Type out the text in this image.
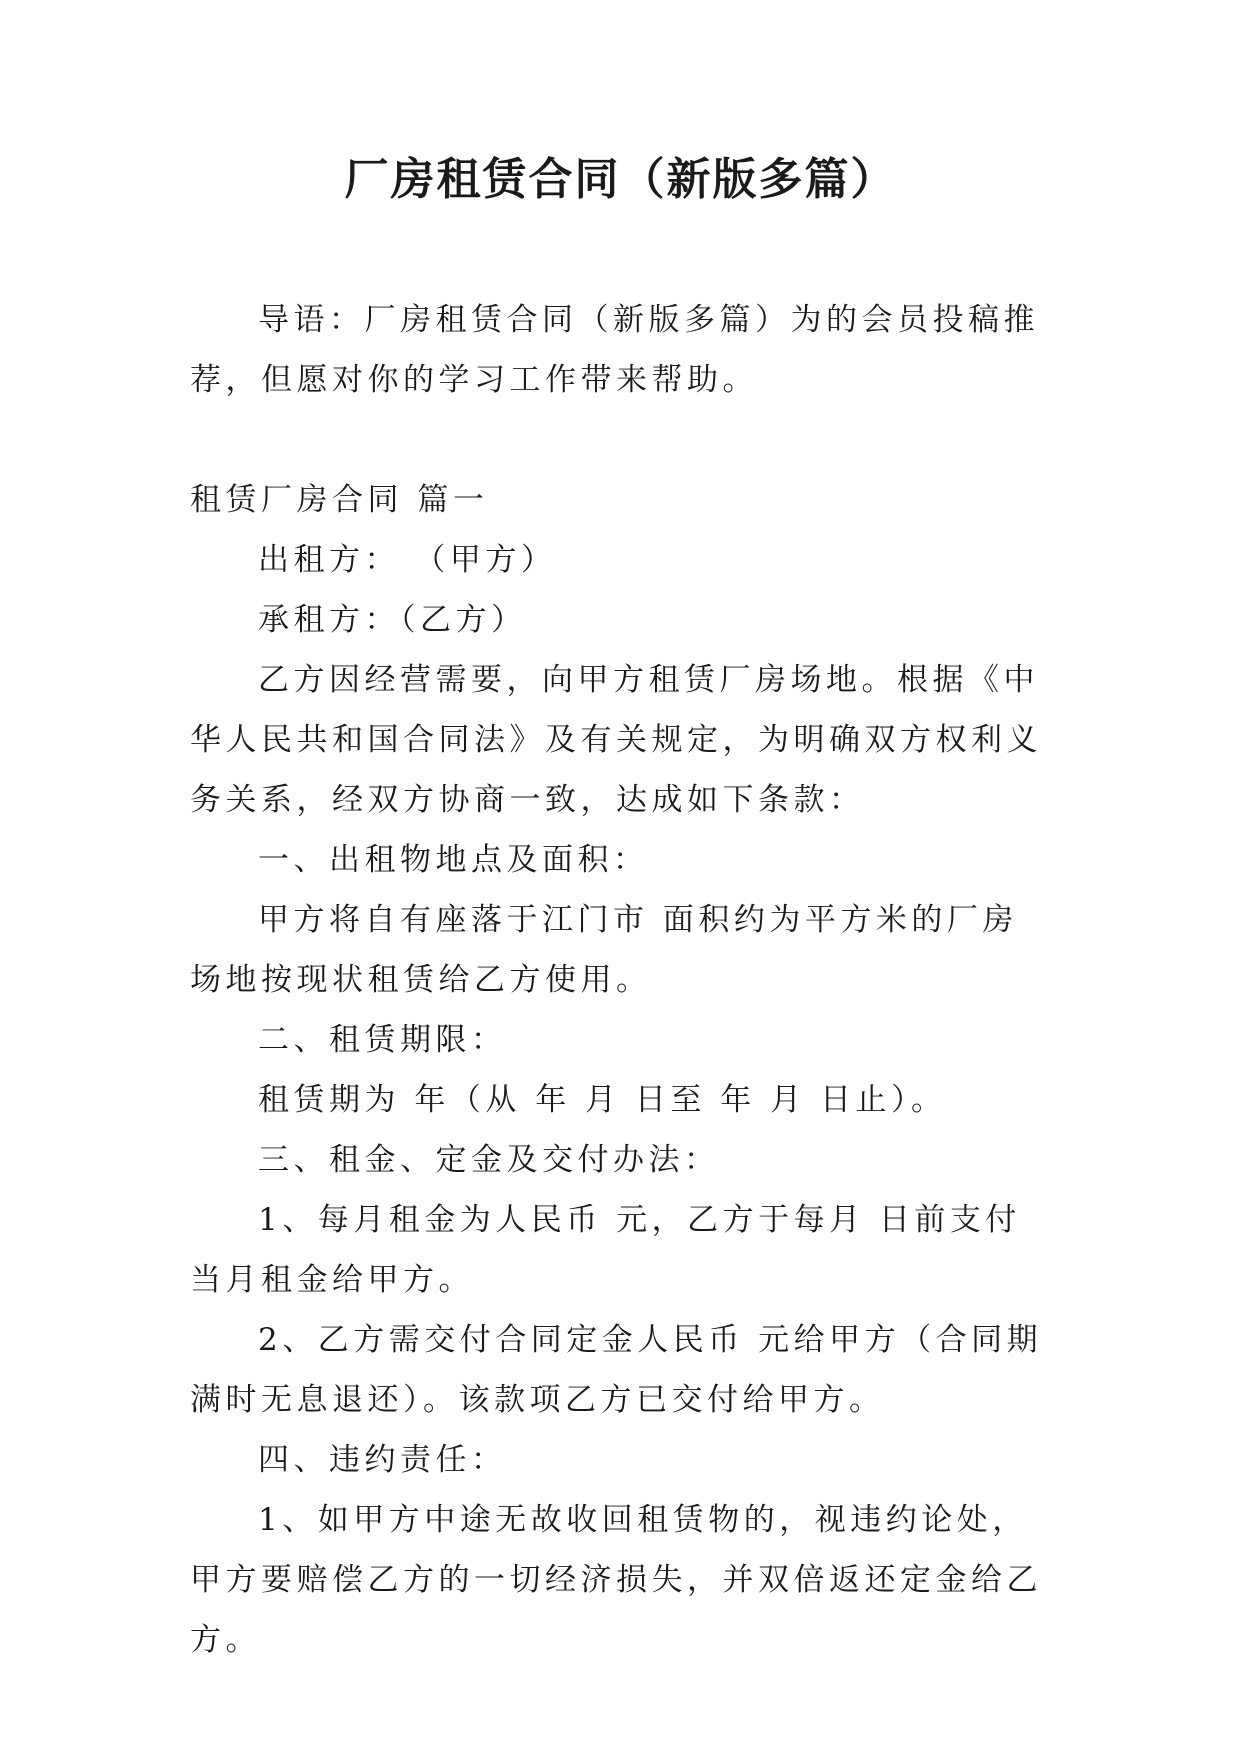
厂房租赁合同（新版多篇）

导语：厂房租赁合同（新版多篇）为的会员投稿推荐，但愿对你的学习工作带来帮助。

租赁厂房合同 篇一

出租方： （甲方）

承租方：（乙方）

乙方因经营需要，向甲方租赁厂房场地。根据《中华人民共和国合同法》及有关规定，为明确双方权利义务关系，经双方协商一致，达成如下条款：

一、出租物地点及面积：

甲方将自有座落于江门市 面积约为平方米的厂房场地按现状租赁给乙方使用。

二、租赁期限：

租赁期为 年（从 年 月 日至 年 月 日止）。

三、租金、定金及交付办法：

1、每月租金为人民币 元，乙方于每月 日前支付当月租金给甲方。

2、乙方需交付合同定金人民币 元给甲方（合同期满时无息退还）。该款项乙方已交付给甲方。

四、违约责任：

1、如甲方中途无故收回租赁物的，视违约论处，甲方要赔偿乙方的一切经济损失，并双倍返还定金给乙方。
